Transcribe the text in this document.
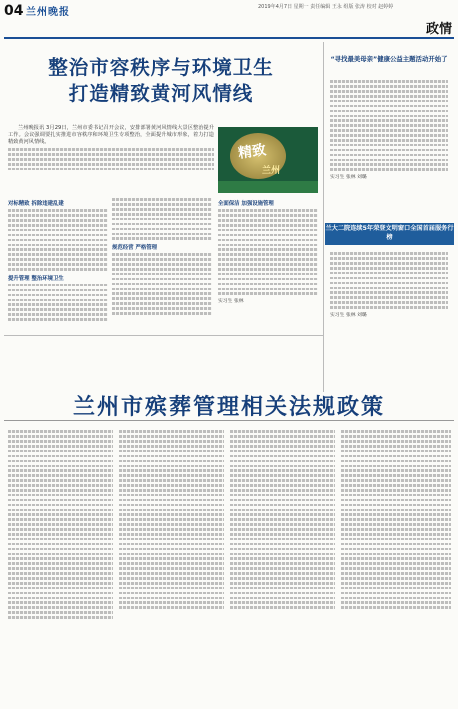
04 兰州晚报	2019年4月7日 星期一 责任编辑 王永 组版 张涛 校对 赵婷婷
政情
整治市容秩序与环境卫生
打造精致黄河风情线
兰州晚报讯 3月29日，兰州市委书记召开会议，安排部署黄河风情线大景区整治提升工作。会议强调要扎实推进市容秩序和环境卫生专项整治，全面提升城市形象，着力打造精致黄河风情线。
精致
兰州
对标精致 拆除违建乱建
提升管理 整治环境卫生
规范经营 严格管理
全面保洁 加强设施管理
实习生 张林
“寻找最美母亲”健康公益主题活动开始了
实习生 张林 刘璐
兰大二院连续5年荣登文明窗口全国首届服务行榜
实习生 张林 刘璐
兰州市殡葬管理相关法规政策
